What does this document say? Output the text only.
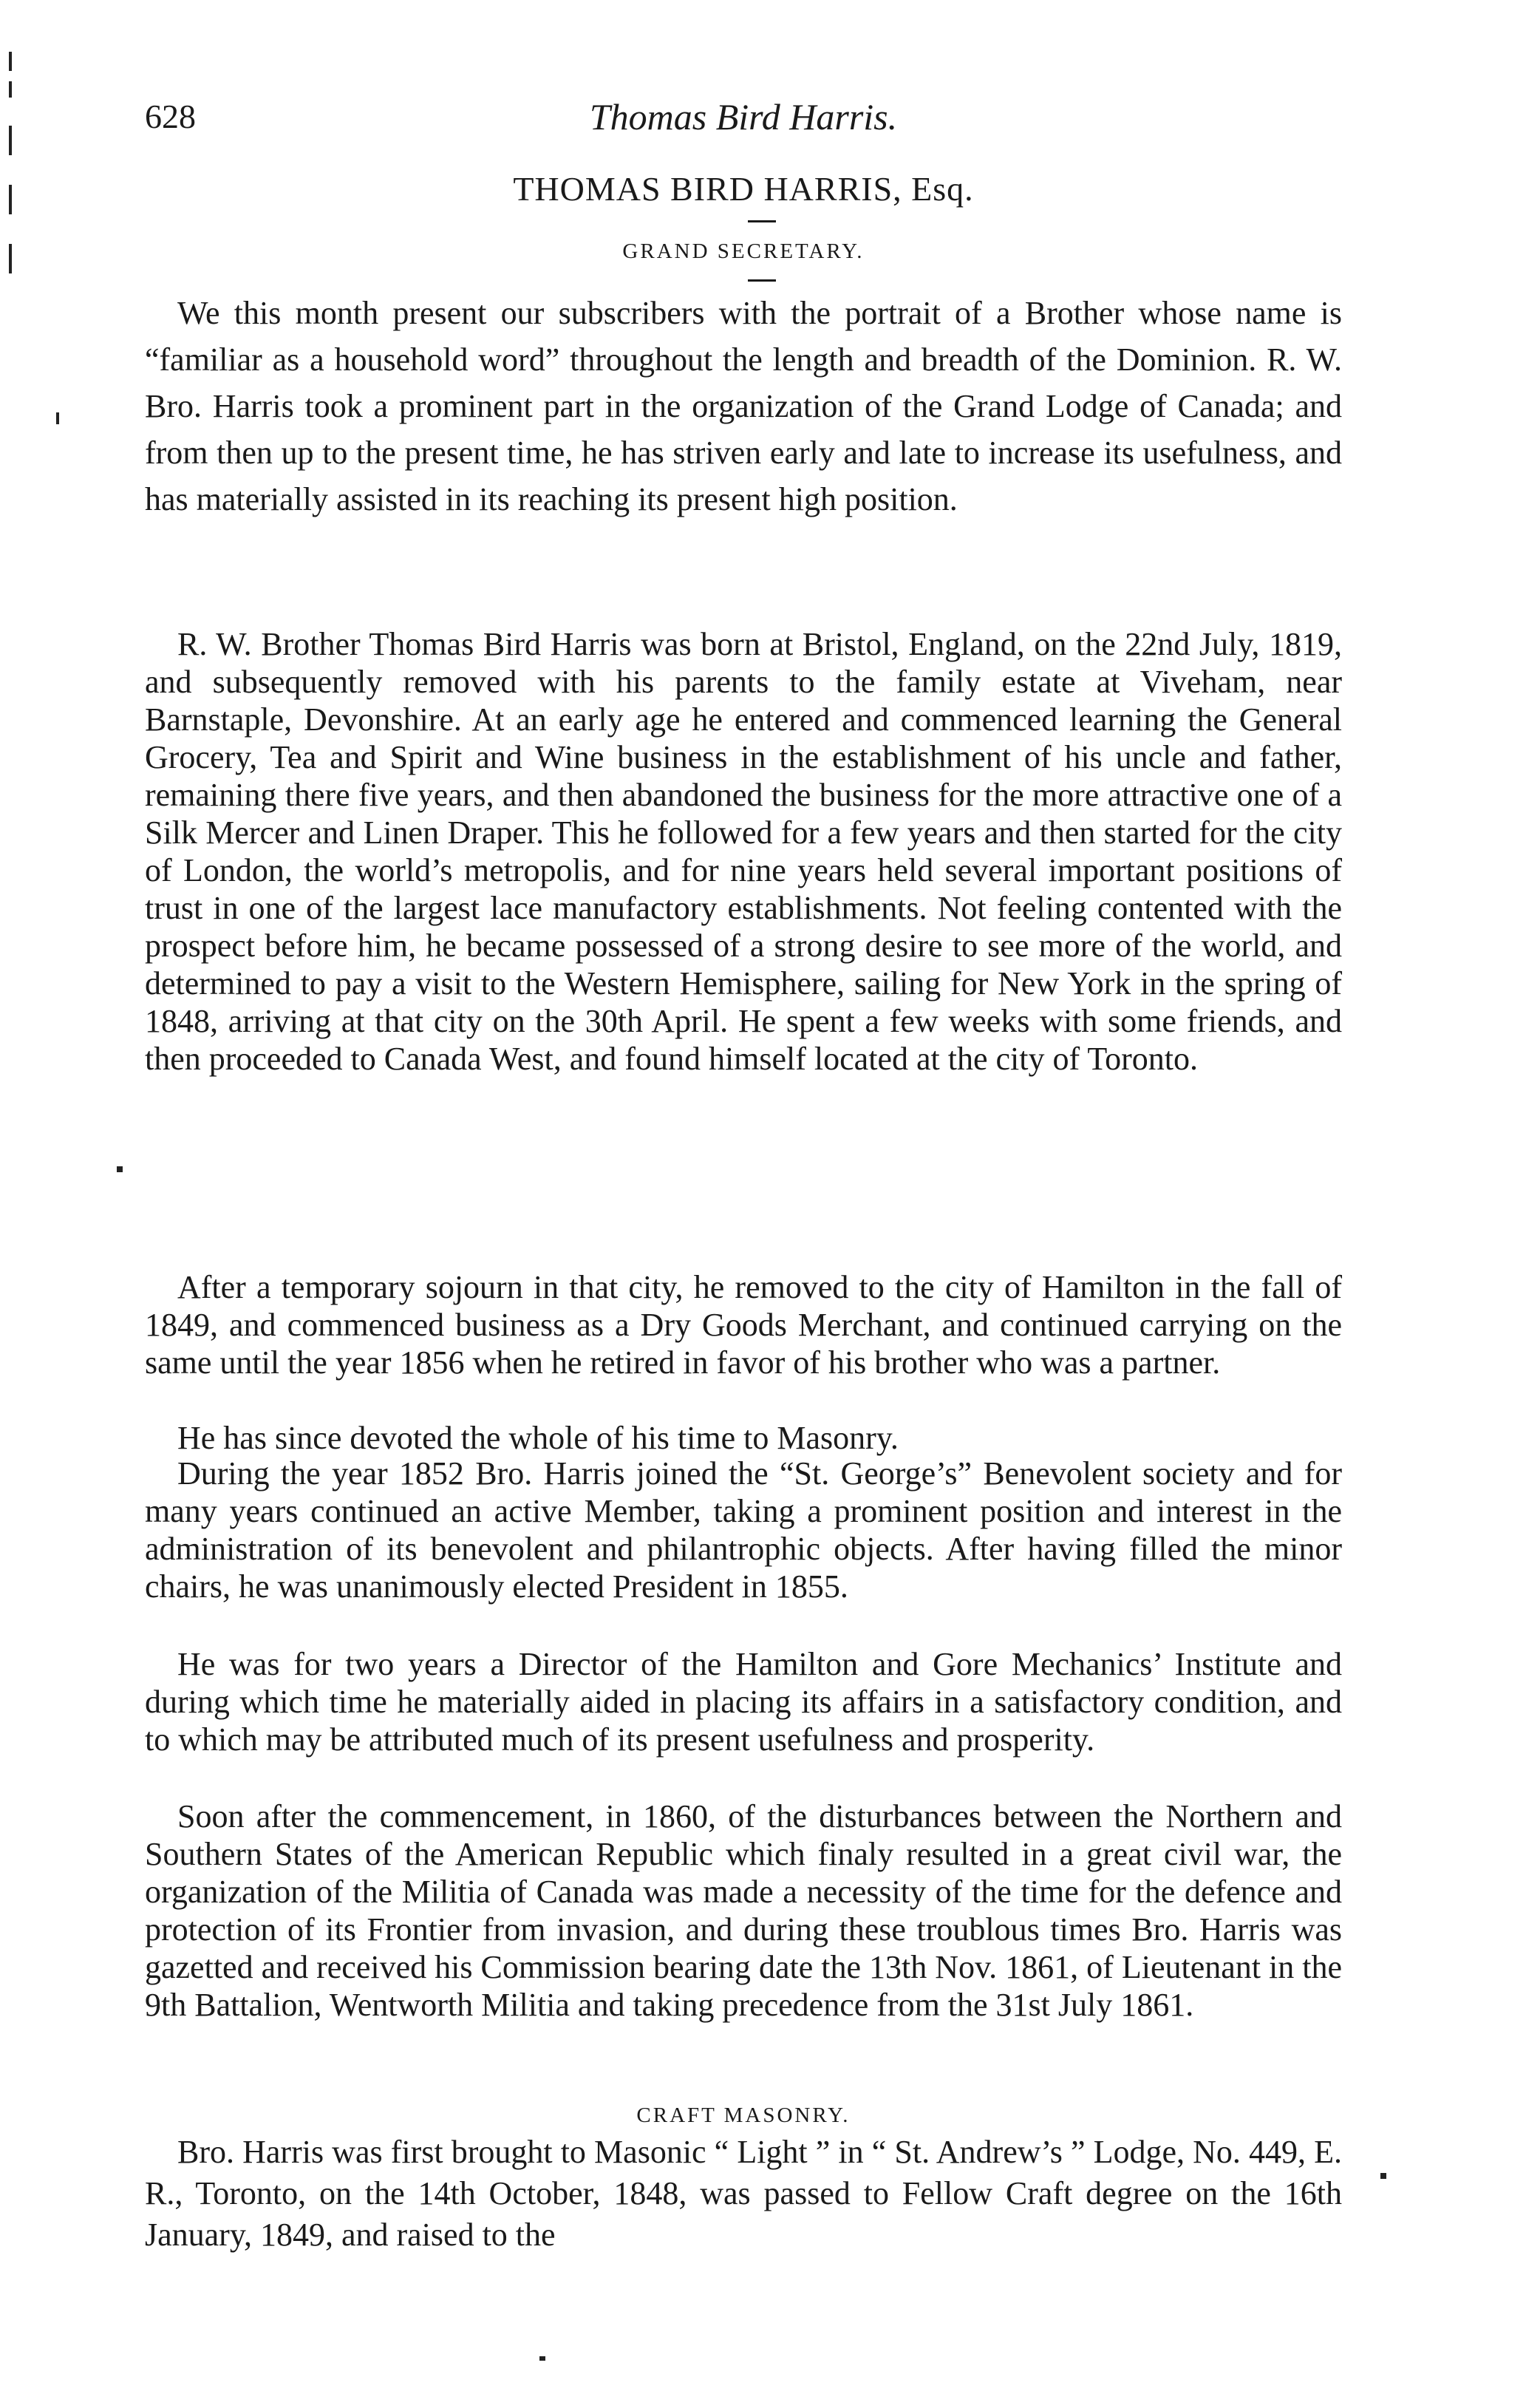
628	Thomas Bird Harris.
THOMAS BIRD HARRIS, Esq.
GRAND SECRETARY.

We this month present our subscribers with the portrait of a Brother whose name is “familiar as a household word” throughout the length and breadth of the Dominion. R. W. Bro. Harris took a prominent part in the organization of the Grand Lodge of Canada; and from then up to the present time, he has striven early and late to increase its usefulness, and has materially assisted in its reaching its present high position.

R. W. Brother Thomas Bird Harris was born at Bristol, England, on the 22nd July, 1819, and subsequently removed with his parents to the family estate at Viveham, near Barnstaple, Devonshire. At an early age he entered and commenced learning the General Grocery, Tea and Spirit and Wine business in the establishment of his uncle and father, remaining there five years, and then abandoned the business for the more attractive one of a Silk Mercer and Linen Draper. This he followed for a few years and then started for the city of London, the world’s metropolis, and for nine years held several important positions of trust in one of the largest lace manufactory establishments. Not feeling contented with the prospect before him, he became possessed of a strong desire to see more of the world, and determined to pay a visit to the Western Hemisphere, sailing for New York in the spring of 1848, arriving at that city on the 30th April. He spent a few weeks with some friends, and then proceeded to Canada West, and found himself located at the city of Toronto.

After a temporary sojourn in that city, he removed to the city of Hamilton in the fall of 1849, and commenced business as a Dry Goods Merchant, and continued carrying on the same until the year 1856 when he retired in favor of his brother who was a partner.

He has since devoted the whole of his time to Masonry.

During the year 1852 Bro. Harris joined the “St. George’s” Benevolent society and for many years continued an active Member, taking a prominent position and interest in the administration of its benevolent and philantrophic objects. After having filled the minor chairs, he was unanimously elected President in 1855.

He was for two years a Director of the Hamilton and Gore Mechanics’ Institute and during which time he materially aided in placing its affairs in a satisfactory condition, and to which may be attributed much of its present usefulness and prosperity.

Soon after the commencement, in 1860, of the disturbances between the Northern and Southern States of the American Republic which finaly resulted in a great civil war, the organization of the Militia of Canada was made a necessity of the time for the defence and protection of its Frontier from invasion, and during these troublous times Bro. Harris was gazetted and received his Commission bearing date the 13th Nov. 1861, of Lieutenant in the 9th Battalion, Wentworth Militia and taking precedence from the 31st July 1861.

CRAFT MASONRY.

Bro. Harris was first brought to Masonic “ Light ” in “ St. Andrew’s ” Lodge, No. 449, E. R., Toronto, on the 14th October, 1848, was passed to Fellow Craft degree on the 16th January, 1849, and raised to the
